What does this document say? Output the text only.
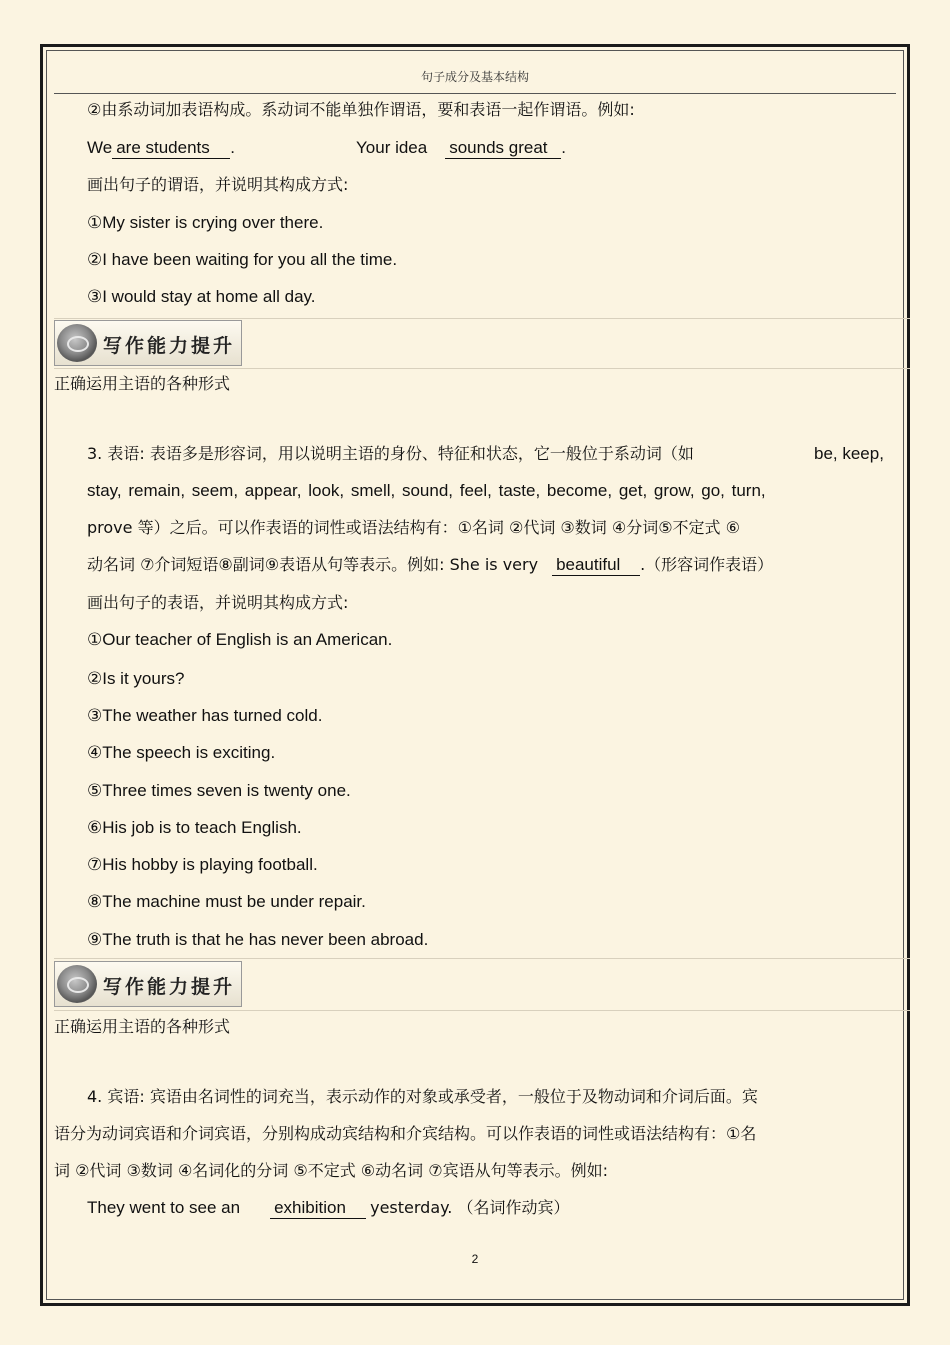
句子成分及基本结构
②由系动词加表语构成。系动词不能单独作谓语，要和表语一起作谓语。例如:
We are students .	Your idea sounds great .
画出句子的谓语，并说明其构成方式:
①My sister is crying over there.
②I have been waiting for you all the time.
③I would stay at home all day.
写作能力提升
正确运用主语的各种形式
3. 表语: 表语多是形容词，用以说明主语的身份、特征和状态，它一般位于系动词（如	be, keep,
stay, remain, seem, appear, look, smell, sound, feel, taste, become, get, grow, go, turn,
prove 等）之后。可以作表语的词性或语法结构有：①名词 ②代词 ③数词 ④分词⑤不定式 ⑥
动名词 ⑦介词短语⑧副词⑨表语从句等表示。例如: She is very beautiful .（形容词作表语）
画出句子的表语，并说明其构成方式:
①Our teacher of English is an American.
②Is it yours?
③The weather has turned cold.
④The speech is exciting.
⑤Three times seven is twenty one.
⑥His job is to teach English.
⑦His hobby is playing football.
⑧The machine must be under repair.
⑨The truth is that he has never been abroad.
写作能力提升
正确运用主语的各种形式
4. 宾语: 宾语由名词性的词充当，表示动作的对象或承受者，一般位于及物动词和介词后面。宾
语分为动词宾语和介词宾语，分别构成动宾结构和介宾结构。可以作表语的词性或语法结构有：①名
词 ②代词 ③数词 ④名词化的分词 ⑤不定式 ⑥动名词 ⑦宾语从句等表示。例如:
They went to see an exhibition yesterday. （名词作动宾）
2
